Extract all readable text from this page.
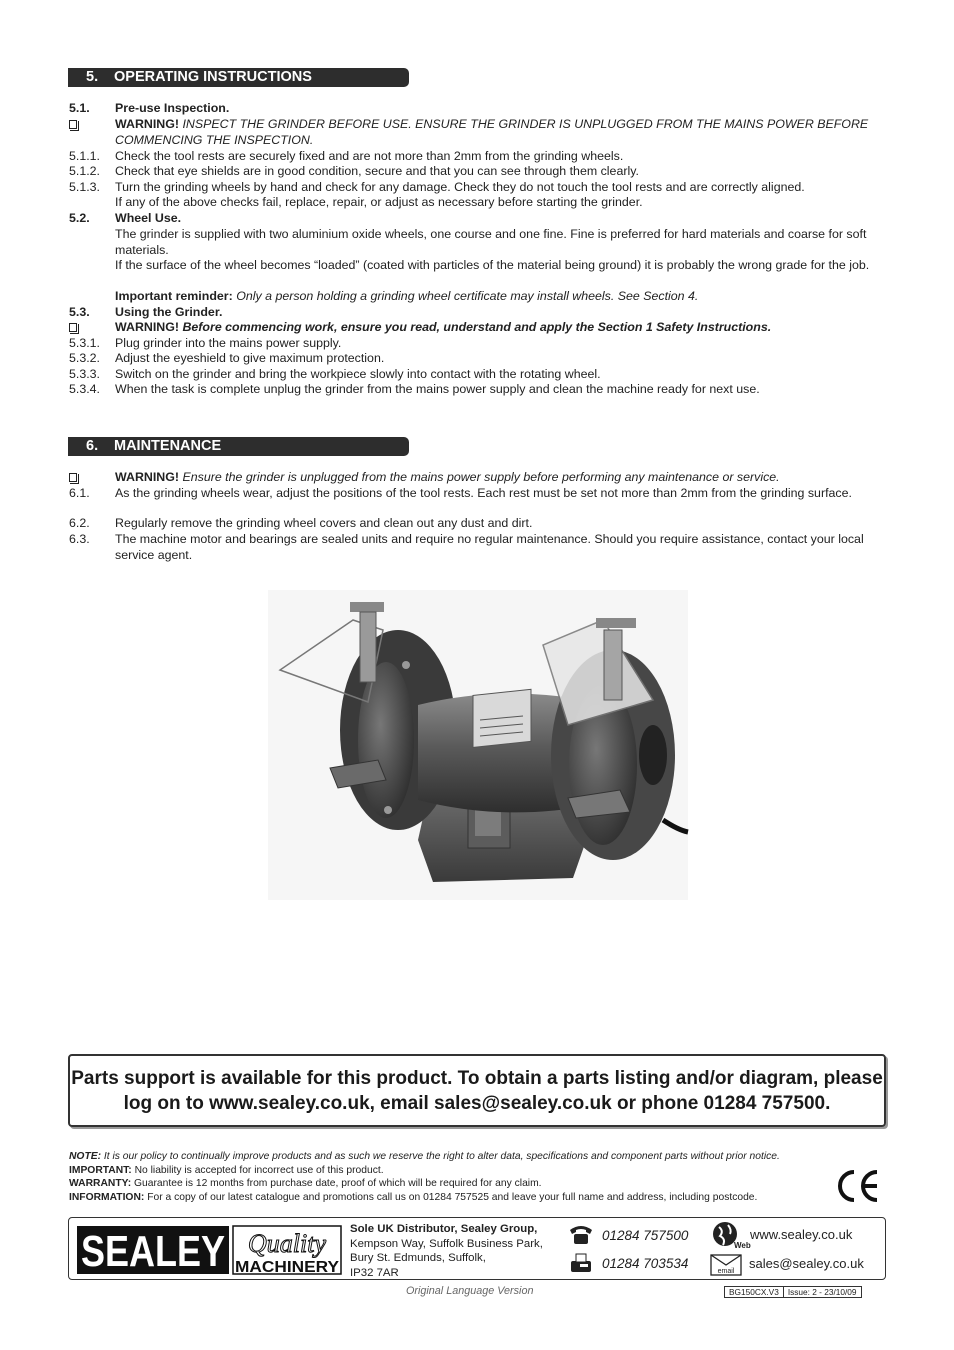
5. OPERATING INSTRUCTIONS
5.1. Pre-use Inspection.
WARNING! INSPECT THE GRINDER BEFORE USE. ENSURE THE GRINDER IS UNPLUGGED FROM THE MAINS POWER BEFORE COMMENCING THE INSPECTION.
5.1.1. Check the tool rests are securely fixed and are not more than 2mm from the grinding wheels.
5.1.2. Check that eye shields are in good condition, secure and that you can see through them clearly.
5.1.3. Turn the grinding wheels by hand and check for any damage. Check they do not touch the tool rests and are correctly aligned.
If any of the above checks fail, replace, repair, or adjust as necessary before starting the grinder.
5.2. Wheel Use.
The grinder is supplied with two aluminium oxide wheels, one course and one fine. Fine is preferred for hard materials and coarse for soft materials.
If the surface of the wheel becomes “loaded” (coated with particles of the material being ground) it is probably the wrong grade for the job.
Important reminder: Only a person holding a grinding wheel certificate may install wheels. See Section 4.
5.3. Using the Grinder.
WARNING! Before commencing work, ensure you read, understand and apply the Section 1 Safety Instructions.
5.3.1. Plug grinder into the mains power supply.
5.3.2. Adjust the eyeshield to give maximum protection.
5.3.3. Switch on the grinder and bring the workpiece slowly into contact with the rotating wheel.
5.3.4. When the task is complete unplug the grinder from the mains power supply and clean the machine ready for next use.
6. MAINTENANCE
WARNING! Ensure the grinder is unplugged from the mains power supply before performing any maintenance or service.
6.1. As the grinding wheels wear, adjust the positions of the tool rests. Each rest must be set not more than 2mm from the grinding surface.
6.2. Regularly remove the grinding wheel covers and clean out any dust and dirt.
6.3. The machine motor and bearings are sealed units and require no regular maintenance. Should you require assistance, contact your local service agent.

Parts support is available for this product. To obtain a parts listing and/or diagram, please log on to www.sealey.co.uk, email sales@sealey.co.uk or phone 01284 757500.

NOTE: It is our policy to continually improve products and as such we reserve the right to alter data, specifications and component parts without prior notice.
IMPORTANT: No liability is accepted for incorrect use of this product.
WARRANTY: Guarantee is 12 months from purchase date, proof of which will be required for any claim.
INFORMATION: For a copy of our latest catalogue and promotions call us on 01284 757525 and leave your full name and address, including postcode.
SEALEY Quality
MACHINERY
Sole UK Distributor, Sealey Group,
Kempson Way, Suffolk Business Park,
Bury St. Edmunds, Suffolk,
IP32 7AR
01284 757500
01284 703534
Web
www.sealey.co.uk
email
sales@sealey.co.uk
Original Language Version	BG150CX.V3	Issue: 2 - 23/10/09
